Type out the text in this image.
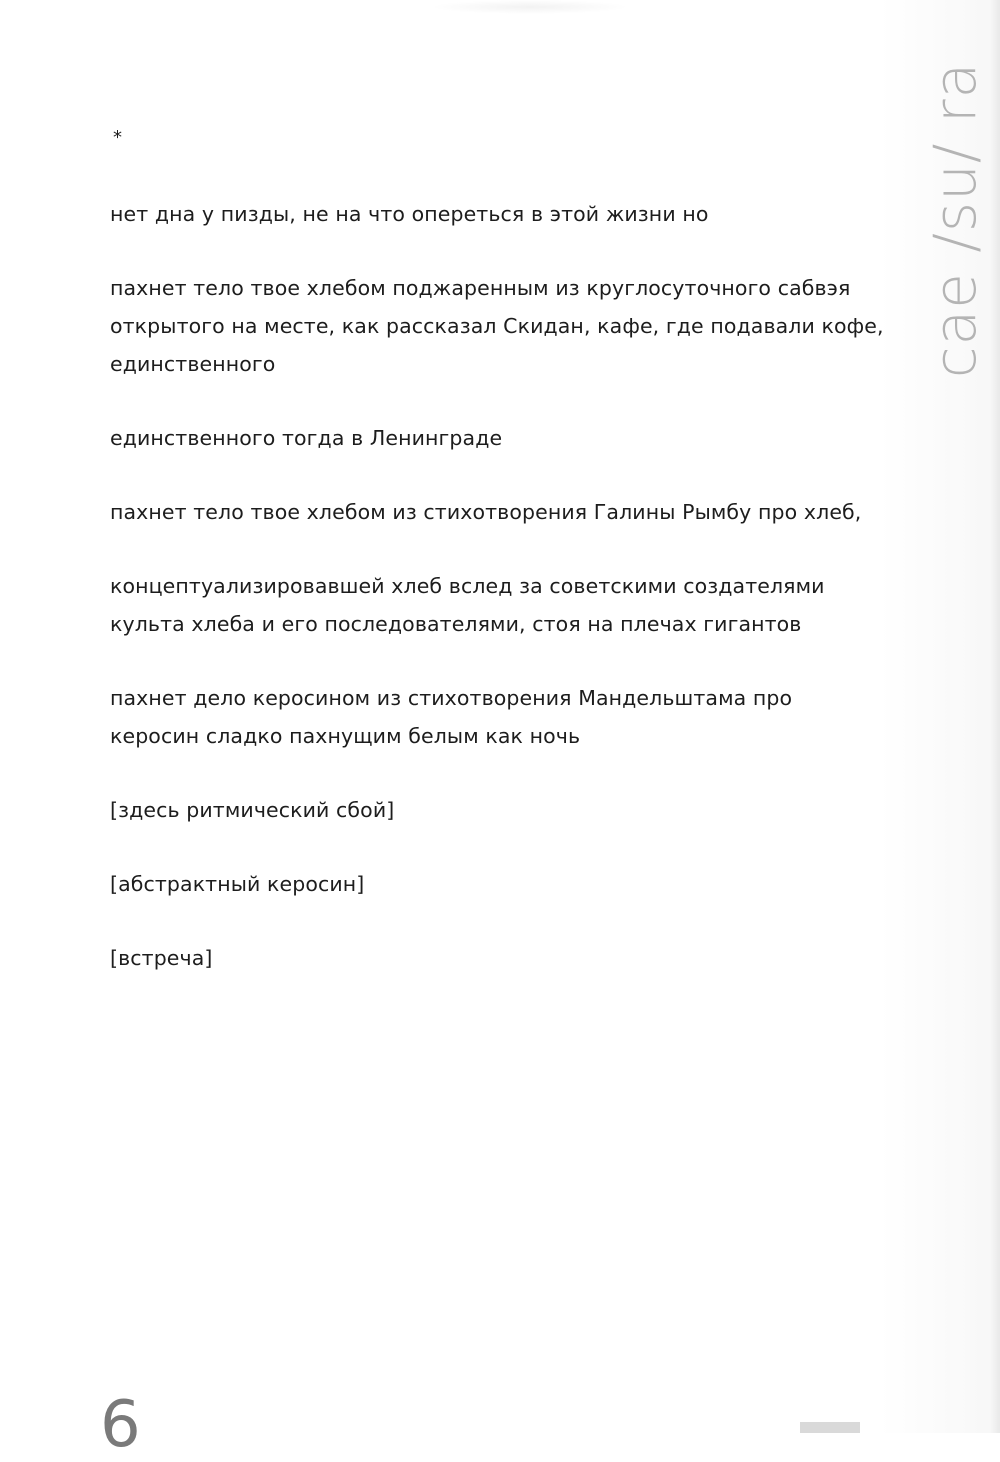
*

нет дна у пизды, не на что опереться в этой жизни но

пахнет тело твое хлебом поджаренным из круглосуточного сабвэя
открытого на месте, как рассказал Скидан, кафе, где подавали кофе,
единственного

единственного тогда в Ленинграде

пахнет тело твое хлебом из стихотворения Галины Рымбу про хлеб,

концептуализировавшей хлеб вслед за советскими создателями
культа хлеба и его последователями, стоя на плечах гигантов

пахнет дело керосином из стихотворения Мандельштама про
керосин сладко пахнущим белым как ночь

[здесь ритмический сбой]

[абстрактный керосин]

[встреча]

cae /su/ ra
6
